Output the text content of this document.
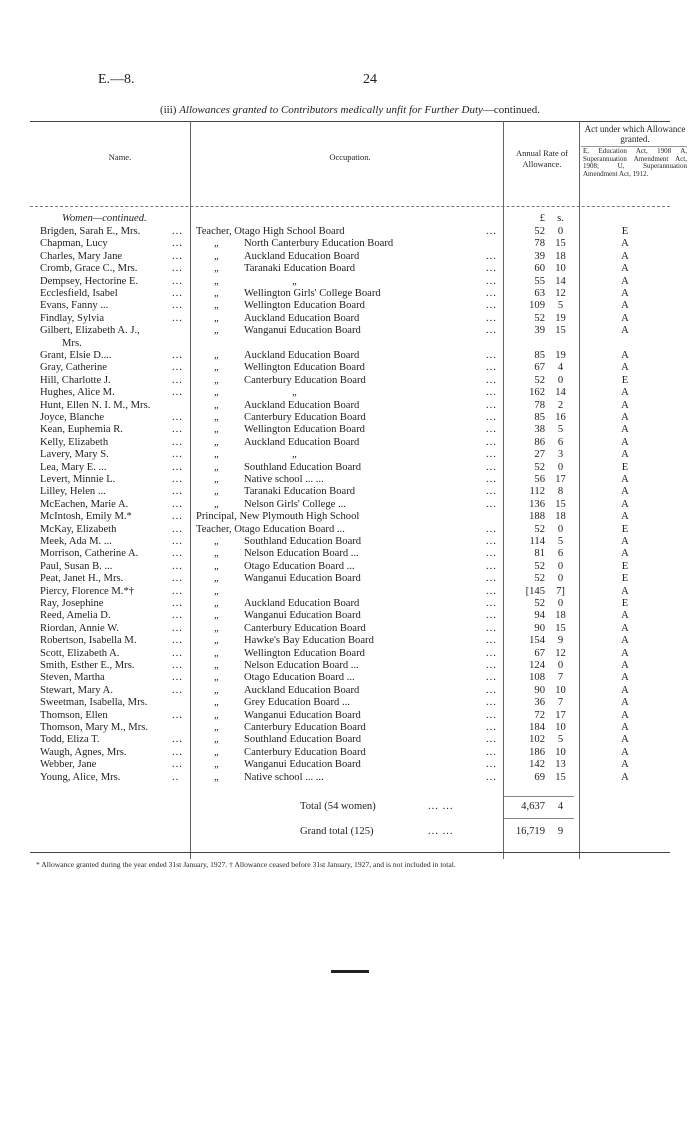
E.—8.	24
(iii) Allowances granted to Contributors medically unfit for Further Duty—continued.
Name.	Occupation.	Annual Rate of Allowance.
Act under which Allowance granted.
E, Education Act, 1908 A, Superannuation Amendment Act, 1908; U, Superannuation Amendment Act, 1912.
Women—continued.	£	s.
Brigden, Sarah E., Mrs.	... Teacher, Otago High School Board	...	52	0	E
Chapman, Lucy	...	„ North Canterbury Education Board	78 15	A
Charles, Mary Jane	...	„ Auckland Education Board	...	39 18	A
Cromb, Grace C., Mrs.	...	„ Taranaki Education Board	...	60 10	A
Dempsey, Hectorine E.	...	„	„	...	55 14	A
Ecclesfield, Isabel	...	„ Wellington Girls' College Board	...	63 12	A
Evans, Fanny ...	...	„ Wellington Education Board	...	109	5	A
Findlay, Sylvia	...	„ Auckland Education Board	...	52 19	A
Gilbert, Elizabeth A. J.,	„ Wanganui Education Board	...	39 15	A
Mrs.
Grant, Elsie D....	...	„ Auckland Education Board	...	85 19	A
Gray, Catherine	...	„ Wellington Education Board	...	67	4	A
Hill, Charlotte J.	...	„ Canterbury Education Board	...	52	0	E
Hughes, Alice M.	...	„	„	...	162 14	A
Hunt, Ellen N. I. M., Mrs.	„ Auckland Education Board	...	78	2	A
Joyce, Blanche	...	„ Canterbury Education Board	...	85 16	A
Kean, Euphemia R.	...	„ Wellington Education Board	...	38	5	A
Kelly, Elizabeth	...	„ Auckland Education Board	...	86	6	A
Lavery, Mary S.	...	„	„	...	27	3	A
Lea, Mary E. ...	...	„ Southland Education Board	...	52	0	E
Levert, Minnie L.	...	„ Native school ... ...	...	56 17	A
Lilley, Helen ...	...	„ Taranaki Education Board	...	112	8	A
McEachen, Marie A.	...	„ Nelson Girls' College ...	...	136 15	A
McIntosh, Emily M.*	... Principal, New Plymouth High School	188 18	A
McKay, Elizabeth	... Teacher, Otago Education Board ...	...	52	0	E
Meek, Ada M. ...	...	„ Southland Education Board	...	114	5	A
Morrison, Catherine A.	...	„ Nelson Education Board ...	...	81	6	A
Paul, Susan B. ...	...	„ Otago Education Board ...	...	52	0	E
Peat, Janet H., Mrs.	...	„ Wanganui Education Board	...	52	0	E
Piercy, Florence M.*†	...	„	...	[145	7]	A
Ray, Josephine	...	„ Auckland Education Board	...	52	0	E
Reed, Amelia D.	...	„ Wanganui Education Board	...	94 18	A
Riordan, Annie W.	...	„ Canterbury Education Board	...	90 15	A
Robertson, Isabella M.	...	„ Hawke's Bay Education Board	...	154	9	A
Scott, Elizabeth A.	...	„ Wellington Education Board	...	67 12	A
Smith, Esther E., Mrs.	...	„ Nelson Education Board ...	...	124	0	A
Steven, Martha	...	„ Otago Education Board ...	...	108	7	A
Stewart, Mary A.	...	„ Auckland Education Board	...	90 10	A
Sweetman, Isabella, Mrs.	„ Grey Education Board ...	...	36	7	A
Thomson, Ellen	...	„ Wanganui Education Board	...	72 17	A
Thomson, Mary M., Mrs.	„ Canterbury Education Board	...	184 10	A
Todd, Eliza T.	...	„ Southland Education Board	...	102	5	A
Waugh, Agnes, Mrs.	...	„ Canterbury Education Board	...	186 10	A
Webber, Jane	...	„ Wanganui Education Board	...	142 13	A
Young, Alice, Mrs.	..	„ Native school ... ...	...	69 15	A
Total (54 women)	... ...	4,637	4
Grand total (125)	... ...	16,719	9
* Allowance granted during the year ended 31st January, 1927. † Allowance ceased before 31st January, 1927, and is not included in total.
